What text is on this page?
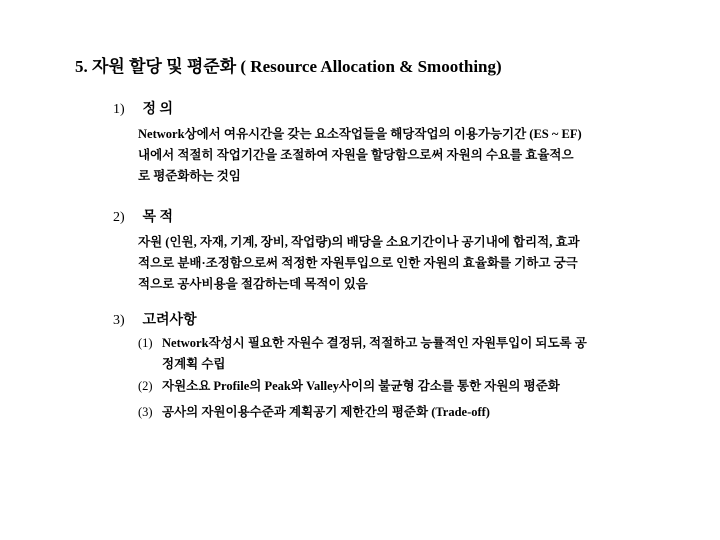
5. 자원 할당 및 평준화 ( Resource Allocation & Smoothing)
1) 정 의
Network상에서 여유시간을 갖는 요소작업들을 해당작업의 이용가능기간 (ES ~ EF)
내에서 적절히 작업기간을 조절하여 자원을 할당함으로써 자원의 수요를 효율적으
로 평준화하는 것임
2) 목 적
자원 (인원, 자재, 기계, 장비, 작업량)의 배당을 소요기간이나 공기내에 합리적, 효과
적으로 분배·조정함으로써 적정한 자원투입으로 인한 자원의 효율화를 기하고 궁극
적으로 공사비용을 절감하는데 목적이 있음
3) 고려사항
(1) Network작성시 필요한 자원수 결정뒤, 적절하고 능률적인 자원투입이 되도록 공
정계획 수립
(2) 자원소요 Profile의 Peak와 Valley사이의 불균형 감소를 통한 자원의 평준화
(3) 공사의 자원이용수준과 계획공기 제한간의 평준화 (Trade-off)
